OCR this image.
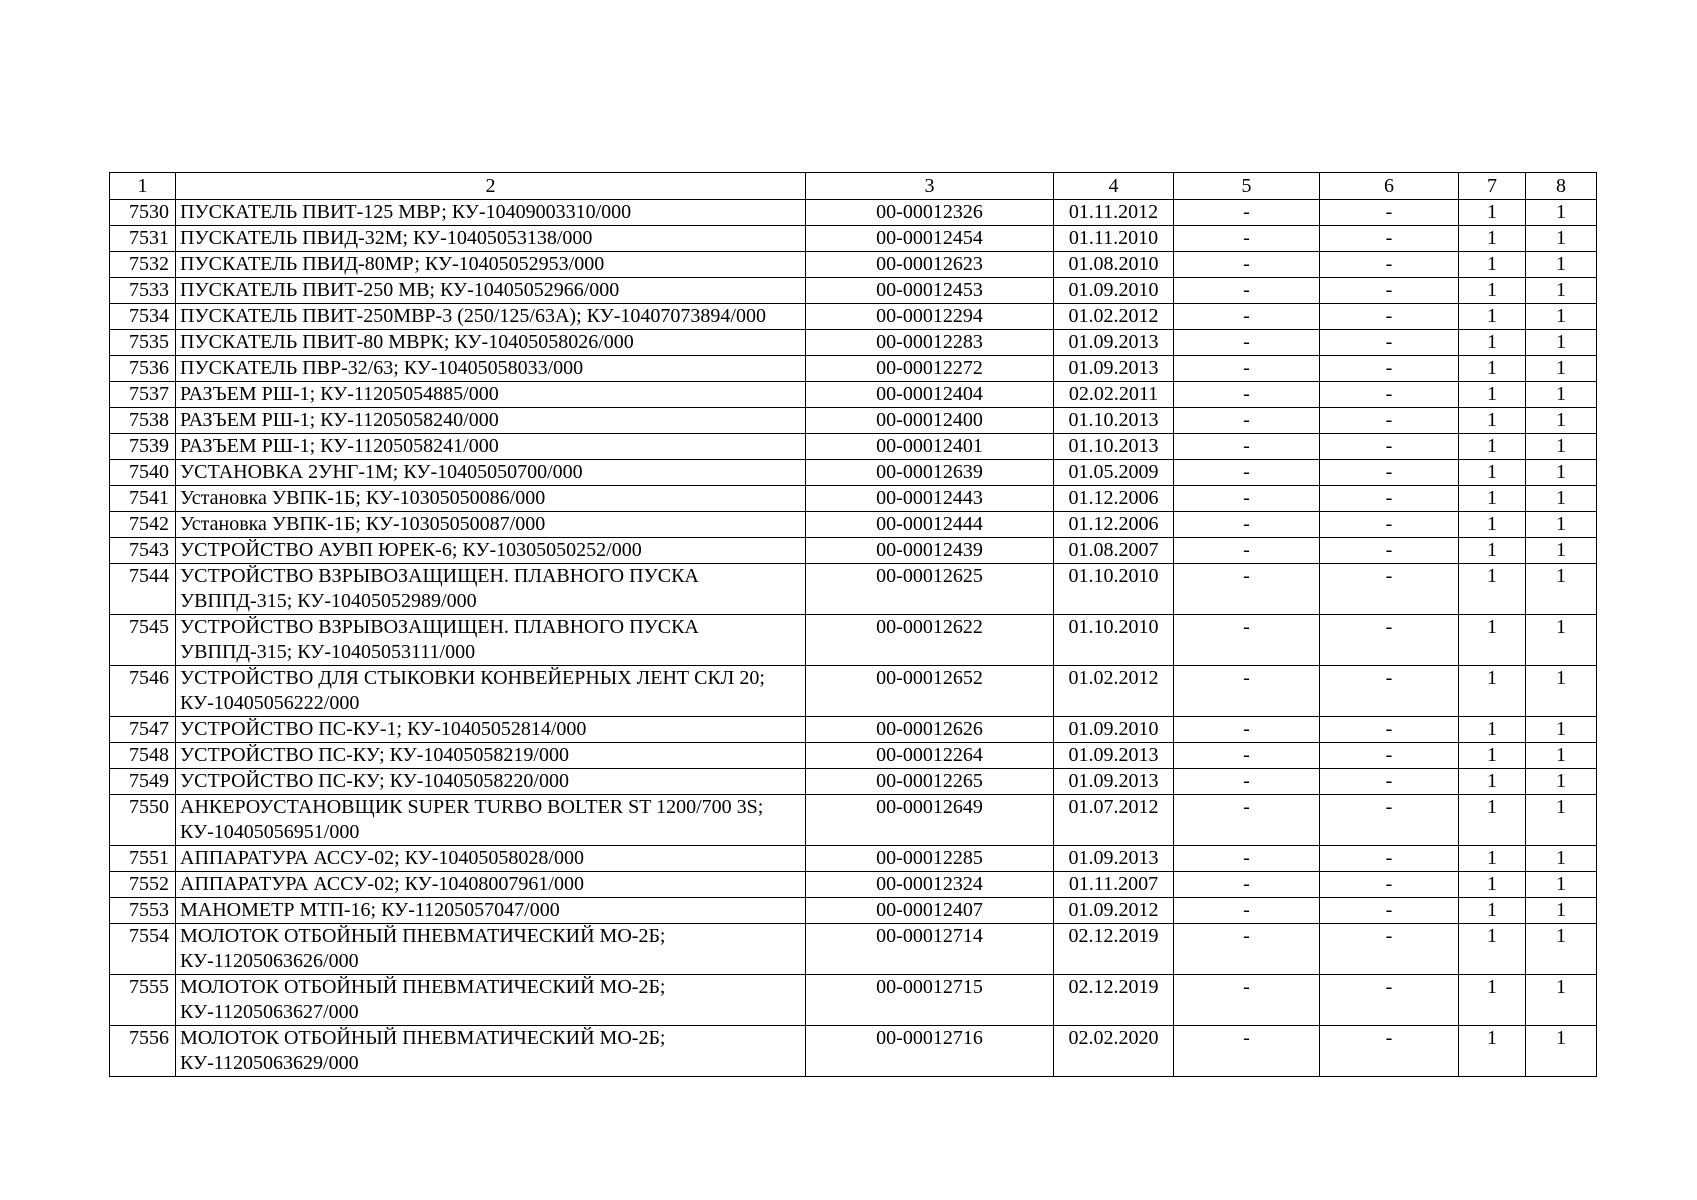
1	2	3	4	5	6	7	8
7530	ПУСКАТЕЛЬ ПВИТ-125 МВР; КУ-10409003310/000	00-00012326	01.11.2012	-	-	1	1
7531	ПУСКАТЕЛЬ ПВИД-32М; КУ-10405053138/000	00-00012454	01.11.2010	-	-	1	1
7532	ПУСКАТЕЛЬ ПВИД-80МР; КУ-10405052953/000	00-00012623	01.08.2010	-	-	1	1
7533	ПУСКАТЕЛЬ ПВИТ-250 МВ; КУ-10405052966/000	00-00012453	01.09.2010	-	-	1	1
7534	ПУСКАТЕЛЬ ПВИТ-250МВР-3 (250/125/63А); КУ-10407073894/000	00-00012294	01.02.2012	-	-	1	1
7535	ПУСКАТЕЛЬ ПВИТ-80 МВРК; КУ-10405058026/000	00-00012283	01.09.2013	-	-	1	1
7536	ПУСКАТЕЛЬ ПВР-32/63; КУ-10405058033/000	00-00012272	01.09.2013	-	-	1	1
7537	РАЗЪЕМ РШ-1; КУ-11205054885/000	00-00012404	02.02.2011	-	-	1	1
7538	РАЗЪЕМ РШ-1; КУ-11205058240/000	00-00012400	01.10.2013	-	-	1	1
7539	РАЗЪЕМ РШ-1; КУ-11205058241/000	00-00012401	01.10.2013	-	-	1	1
7540	УСТАНОВКА 2УНГ-1М; КУ-10405050700/000	00-00012639	01.05.2009	-	-	1	1
7541	Установка УВПК-1Б; КУ-10305050086/000	00-00012443	01.12.2006	-	-	1	1
7542	Установка УВПК-1Б; КУ-10305050087/000	00-00012444	01.12.2006	-	-	1	1
7543	УСТРОЙСТВО АУВП ЮРЕК-6; КУ-10305050252/000	00-00012439	01.08.2007	-	-	1	1
7544	УСТРОЙСТВО ВЗРЫВОЗАЩИЩЕН. ПЛАВНОГО ПУСКА УВППД-315; КУ-10405052989/000	00-00012625	01.10.2010	-	-	1	1
7545	УСТРОЙСТВО ВЗРЫВОЗАЩИЩЕН. ПЛАВНОГО ПУСКА УВППД-315; КУ-10405053111/000	00-00012622	01.10.2010	-	-	1	1
7546	УСТРОЙСТВО ДЛЯ СТЫКОВКИ КОНВЕЙЕРНЫХ ЛЕНТ СКЛ 20; КУ-10405056222/000	00-00012652	01.02.2012	-	-	1	1
7547	УСТРОЙСТВО ПС-КУ-1; КУ-10405052814/000	00-00012626	01.09.2010	-	-	1	1
7548	УСТРОЙСТВО ПС-КУ; КУ-10405058219/000	00-00012264	01.09.2013	-	-	1	1
7549	УСТРОЙСТВО ПС-КУ; КУ-10405058220/000	00-00012265	01.09.2013	-	-	1	1
7550	АНКЕРОУСТАНОВЩИК SUPER TURBO BOLTER ST 1200/700 3S; КУ-10405056951/000	00-00012649	01.07.2012	-	-	1	1
7551	АППАРАТУРА АССУ-02; КУ-10405058028/000	00-00012285	01.09.2013	-	-	1	1
7552	АППАРАТУРА АССУ-02; КУ-10408007961/000	00-00012324	01.11.2007	-	-	1	1
7553	МАНОМЕТР МТП-16; КУ-11205057047/000	00-00012407	01.09.2012	-	-	1	1
7554	МОЛОТОК ОТБОЙНЫЙ ПНЕВМАТИЧЕСКИЙ МО-2Б; КУ-11205063626/000	00-00012714	02.12.2019	-	-	1	1
7555	МОЛОТОК ОТБОЙНЫЙ ПНЕВМАТИЧЕСКИЙ МО-2Б; КУ-11205063627/000	00-00012715	02.12.2019	-	-	1	1
7556	МОЛОТОК ОТБОЙНЫЙ ПНЕВМАТИЧЕСКИЙ МО-2Б; КУ-11205063629/000	00-00012716	02.02.2020	-	-	1	1
